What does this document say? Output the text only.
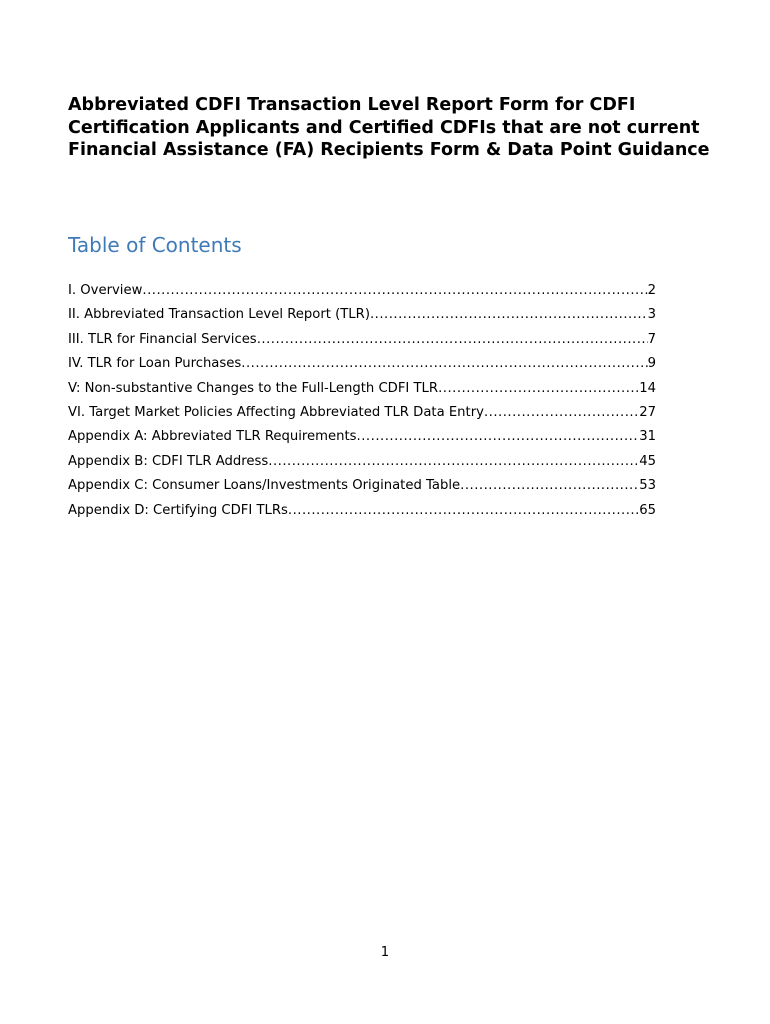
Abbreviated CDFI Transaction Level Report Form for CDFI Certification Applicants and Certified CDFIs that are not current Financial Assistance (FA) Recipients Form & Data Point Guidance
Table of Contents
I. Overview .....	2
II. Abbreviated Transaction Level Report (TLR) .....	3
III. TLR for Financial Services .....	7
IV. TLR for Loan Purchases .....	9
V: Non-substantive Changes to the Full-Length CDFI TLR .....	14
VI. Target Market Policies Affecting Abbreviated TLR Data Entry .....	27
Appendix A: Abbreviated TLR Requirements .....	31
Appendix B: CDFI TLR Address .....	45
Appendix C: Consumer Loans/Investments Originated Table .....	53
Appendix D: Certifying CDFI TLRs .....	65
1
